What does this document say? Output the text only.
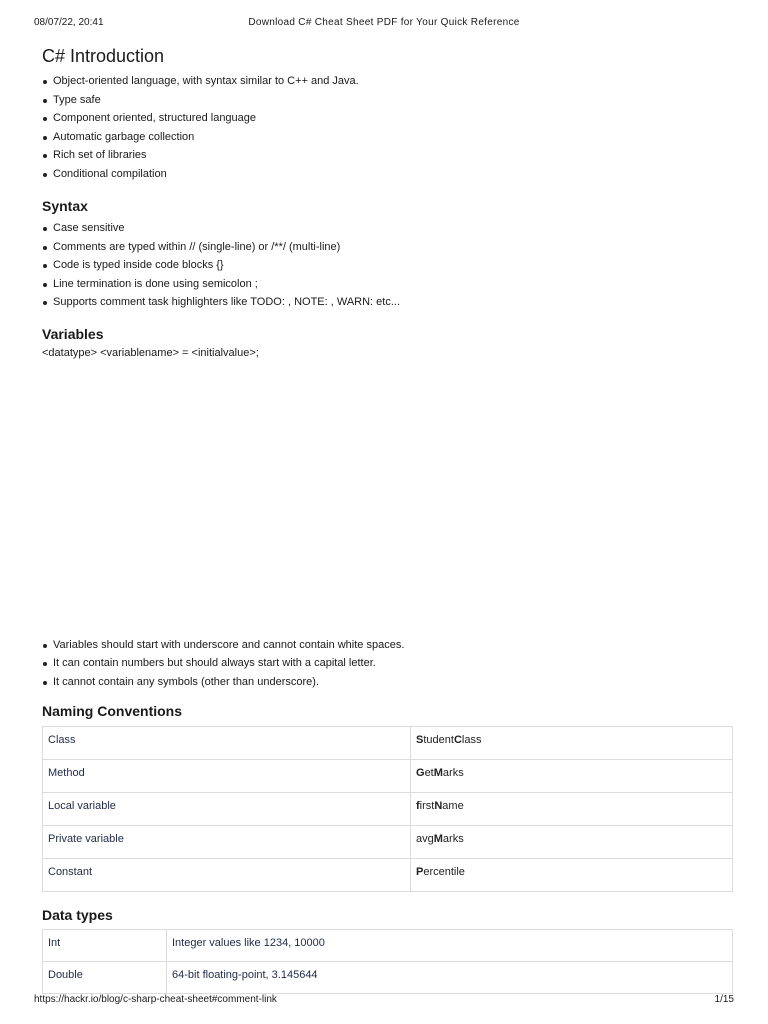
08/07/22, 20:41	Download C# Cheat Sheet PDF for Your Quick Reference
C# Introduction
Object-oriented language, with syntax similar to C++ and Java.
Type safe
Component oriented, structured language
Automatic garbage collection
Rich set of libraries
Conditional compilation
Syntax
Case sensitive
Comments are typed within // (single-line) or /**/ (multi-line)
Code is typed inside code blocks {}
Line termination is done using semicolon ;
Supports comment task highlighters like TODO: , NOTE: , WARN: etc...
Variables

<datatype> <variablename> = <initialvalue>;

Variables should start with underscore and cannot contain white spaces.
It can contain numbers but should always start with a capital letter.
It cannot contain any symbols (other than underscore).
Naming Conventions
Class	StudentClass
Method	GetMarks
Local variable	firstName
Private variable	avgMarks
Constant	Percentile
Data types
Int	Integer values like 1234, 10000
Double	64-bit floating-point, 3.145644
https://hackr.io/blog/c-sharp-cheat-sheet#comment-link	1/15
